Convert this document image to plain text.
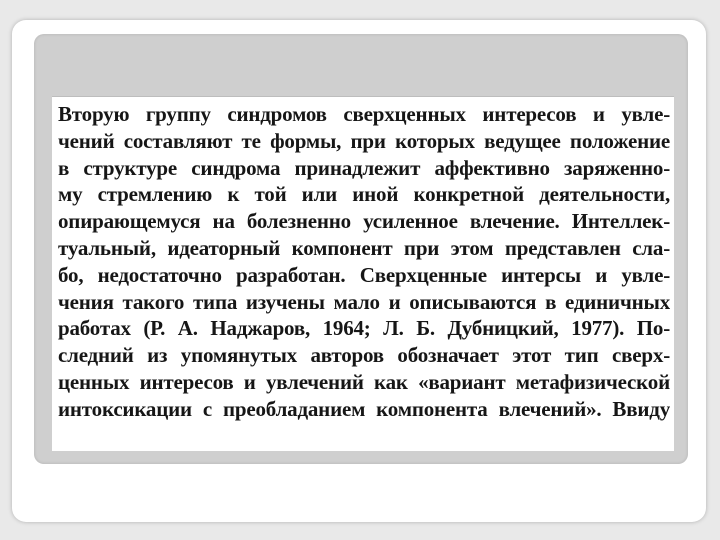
Вторую группу синдромов сверхценных интересов и увле-
чений составляют те формы, при которых ведущее положение
в структуре синдрома принадлежит аффективно заряженно-
му стремлению к той или иной конкретной деятельности,
опирающемуся на болезненно усиленное влечение. Интеллек-
туальный, идеаторный компонент при этом представлен сла-
бо, недостаточно разработан. Сверхценные интерсы и увле-
чения такого типа изучены мало и описываются в единичных
работах (Р. А. Наджаров, 1964; Л. Б. Дубницкий, 1977). По-
следний из упомянутых авторов обозначает этот тип сверх-
ценных интересов и увлечений как «вариант метафизической
интоксикации с преобладанием компонента влечений». Ввиду
